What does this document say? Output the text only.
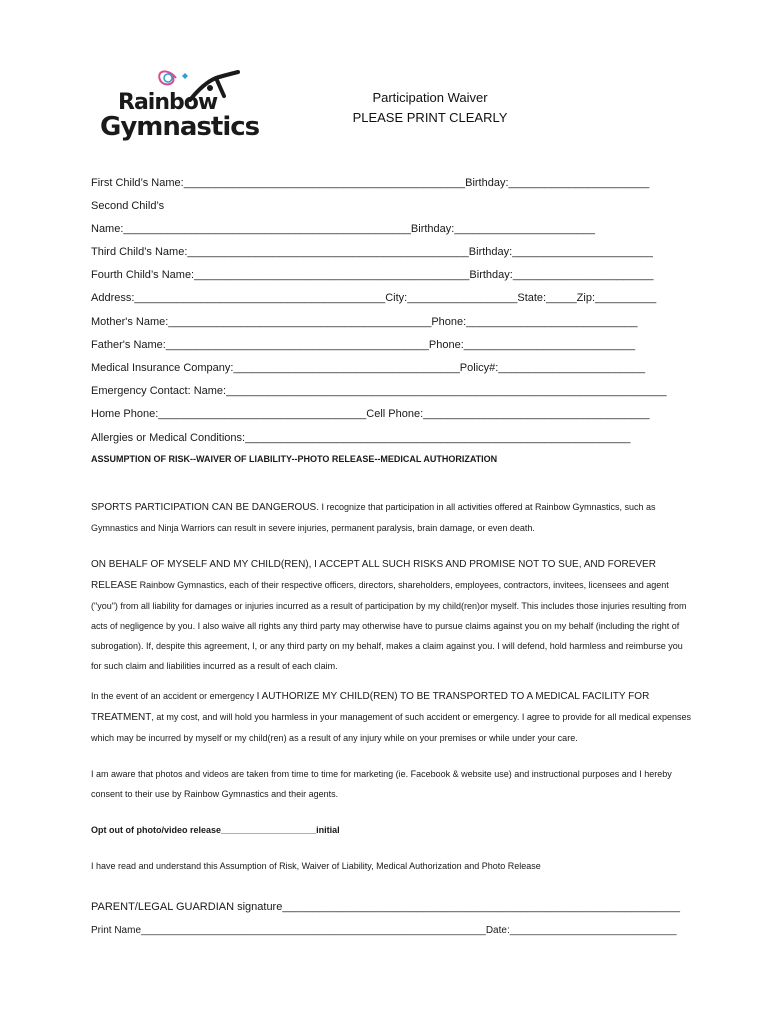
Rainbow
Gymnastics
Participation Waiver
PLEASE PRINT CLEARLY
First Child’s Name:______________________________________________Birthday:_______________________
Second Child’s
Name:_______________________________________________Birthday:_______________________
Third Child’s Name:______________________________________________Birthday:_______________________
Fourth Child’s Name:_____________________________________________Birthday:_______________________
Address:_________________________________________City:__________________State:_____Zip:__________
Mother's Name:___________________________________________Phone:____________________________
Father's Name:___________________________________________Phone:____________________________
Medical Insurance Company:_____________________________________Policy#:________________________
Emergency Contact: Name:________________________________________________________________________
Home Phone:__________________________________Cell Phone:_____________________________________
Allergies or Medical Conditions:_______________________________________________________________
ASSUMPTION OF RISK--WAIVER OF LIABILITY--PHOTO RELEASE--MEDICAL AUTHORIZATION
SPORTS PARTICIPATION CAN BE DANGEROUS. I recognize that participation in all activities offered at Rainbow Gymnastics, such as Gymnastics and Ninja Warriors can result in severe injuries, permanent paralysis, brain damage, or even death.
ON BEHALF OF MYSELF AND MY CHILD(REN), I ACCEPT ALL SUCH RISKS AND PROMISE NOT TO SUE, AND FOREVER RELEASE Rainbow Gymnastics, each of their respective officers, directors, shareholders, employees, contractors, invitees, licensees and agent ("you") from all liability for damages or injuries incurred as a result of participation by my child(ren)or myself. This includes those injuries resulting from acts of negligence by you. I also waive all rights any third party may otherwise have to pursue claims against you on my behalf (including the right of subrogation). If, despite this agreement, I, or any third party on my behalf, makes a claim against you. I will defend, hold harmless and reimburse you for such claim and liabilities incurred as a result of each claim.
In the event of an accident or emergency I AUTHORIZE MY CHILD(REN) TO BE TRANSPORTED TO A MEDICAL FACILITY FOR TREATMENT, at my cost, and will hold you harmless in your management of such accident or emergency. I agree to provide for all medical expenses which may be incurred by myself or my child(ren) as a result of any injury while on your premises or while under your care.
I am aware that photos and videos are taken from time to time for marketing (ie. Facebook & website use) and instructional purposes and I hereby consent to their use by Rainbow Gymnastics and their agents.
Opt out of photo/video release___________________initial
I have read and understand this Assumption of Risk, Waiver of Liability, Medical Authorization and Photo Release
PARENT/LEGAL GUARDIAN signature_________________________________________________________________
Print Name______________________________________________________________Date:______________________________
